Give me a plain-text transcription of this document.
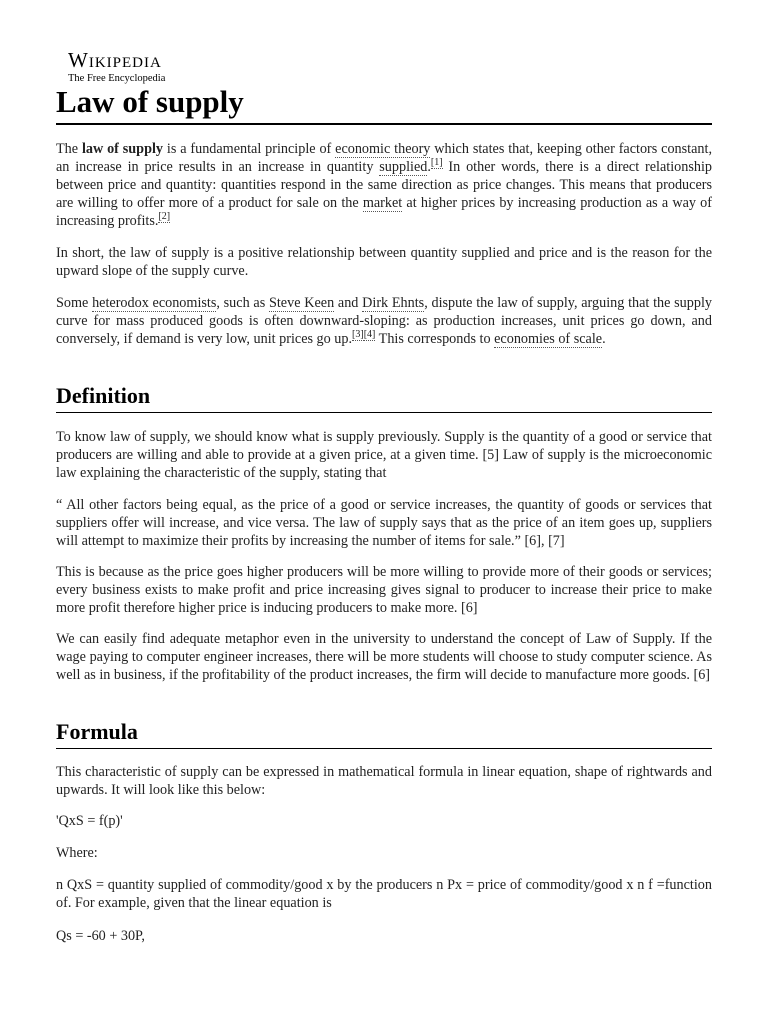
Wikipedia
The Free Encyclopedia
Law of supply

The law of supply is a fundamental principle of economic theory which states that, keeping other factors constant, an increase in price results in an increase in quantity supplied.[1] In other words, there is a direct relationship between price and quantity: quantities respond in the same direction as price changes. This means that producers are willing to offer more of a product for sale on the market at higher prices by increasing production as a way of increasing profits.[2]

In short, the law of supply is a positive relationship between quantity supplied and price and is the reason for the upward slope of the supply curve.

Some heterodox economists, such as Steve Keen and Dirk Ehnts, dispute the law of supply, arguing that the supply curve for mass produced goods is often downward-sloping: as production increases, unit prices go down, and conversely, if demand is very low, unit prices go up.[3][4] This corresponds to economies of scale.

Definition

To know law of supply, we should know what is supply previously. Supply is the quantity of a good or service that producers are willing and able to provide at a given price, at a given time. [5] Law of supply is the microeconomic law explaining the characteristic of the supply, stating that

“ All other factors being equal, as the price of a good or service increases, the quantity of goods or services that suppliers offer will increase, and vice versa. The law of supply says that as the price of an item goes up, suppliers will attempt to maximize their profits by increasing the number of items for sale.” [6], [7]

This is because as the price goes higher producers will be more willing to provide more of their goods or services; every business exists to make profit and price increasing gives signal to producer to increase their price to make more profit therefore higher price is inducing producers to make more. [6]

We can easily find adequate metaphor even in the university to understand the concept of Law of Supply. If the wage paying to computer engineer increases, there will be more students will choose to study computer science. As well as in business, if the profitability of the product increases, the firm will decide to manufacture more goods. [6]

Formula

This characteristic of supply can be expressed in mathematical formula in linear equation, shape of rightwards and upwards. It will look like this below:

'QxS = f(p)'

Where:

n QxS = quantity supplied of commodity/good x by the producers n Px = price of commodity/good x n f =function of. For example, given that the linear equation is

Qs = -60 + 30P,
